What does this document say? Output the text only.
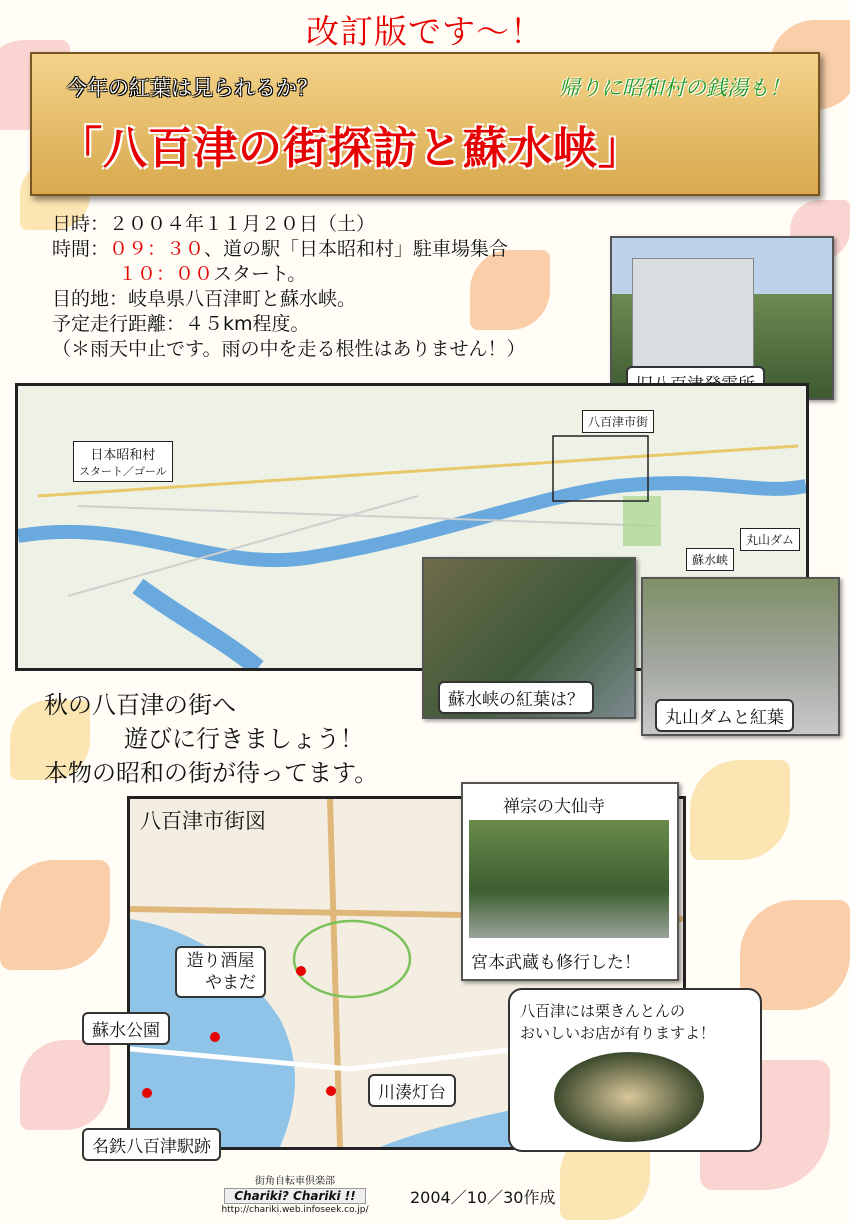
改訂版です～！
今年の紅葉は見られるか？	帰りに昭和村の銭湯も！
「八百津の街探訪と蘇水峡」
日時：２００４年１１月２０日（土）
時間：０９：３０、道の駅「日本昭和村」駐車場集合
１０：００スタート。
目的地：岐阜県八百津町と蘇水峡。
予定走行距離：４５km程度。
（＊雨天中止です。雨の中を走る根性はありません！）
日本昭和村
スタート／ゴール
八百津市街
蘇水峡
丸山ダム
蘇水峡の紅葉は？
丸山ダムと紅葉
秋の八百津の街へ
遊びに行きましょう！
本物の昭和の街が待ってます。
八百津市街図
造り酒屋
やまだ
蘇水公園
川湊灯台
名鉄八百津駅跡
禅宗の大仙寺
宮本武蔵も修行した！
八百津には栗きんとんの
おいしいお店が有りますよ！
街角自転車倶楽部
Chariki? Chariki !!
http://chariki.web.infoseek.co.jp/
2004／10／30作成
